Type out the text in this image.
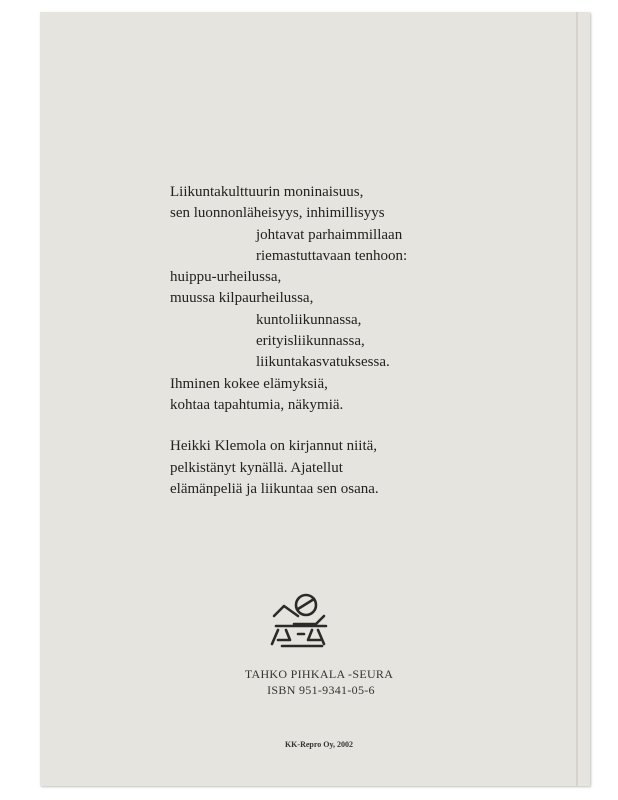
Liikuntakulttuurin moninaisuus,
sen luonnonläheisyys, inhimillisyys
johtavat parhaimmillaan
riemastuttavaan tenhoon:
huippu-urheilussa,
muussa kilpaurheilussa,
kuntoliikunnassa,
erityisliikunnassa,
liikuntakasvatuksessa.
Ihminen kokee elämyksiä,
kohtaa tapahtumia, näkymiä.
Heikki Klemola on kirjannut niitä,
pelkistänyt kynällä. Ajatellut
elämänpeliä ja liikuntaa sen osana.
TAHKO PIHKALA -SEURA
ISBN 951-9341-05-6
KK-Repro Oy, 2002
